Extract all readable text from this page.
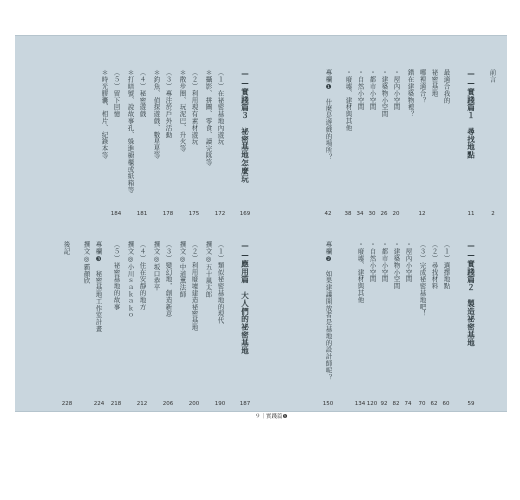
前言
2
——實踐篇１　尋找地點
11
最適合我的
祕密基地
哪裡適合？
12
錯在建築物裡？
・屋內小空間
20
・建築物小空間
26
・都市小空間
30
・自然小空間
34
・廢墟、建材與其他
38
專欄❶　什麼是遊戲的場所？
42
——實踐篇２　製造祕密基地
59
（１）選擇地點
60
（２）尋找材料
62
（３）完成祕密基地吧！
70
・屋內小空間
74
・建築物小空間
82
・都市小空間
92
・自然小空間
120
・廢墟、建材與其他
134
專欄❷　如果建議開放者是基地的設計師呢？
150
——實踐篇３　祕密基地怎麼玩
169
（１）在祕密基地內遊玩
172
＊攝影、拼圖、零食、讀完隊等
（２）利用現有素材遊玩
175
＊散步圈、玩泥巴、升火等
（３）專注於戶外活動
178
＊釣魚、偵探遊戲、數星星等
（４）秘密遊戲
181
＊打暗號、說故事孔、躲進櫥櫃或紙箱等
（５）留下回憶
184
＊時光膠囊、相片、紀錄本等
——應用篇　大人們的祕密基地
187
（１）類似祕密基地的現代
190
撰文◎五十嵐太郎
（２）利用廢墟建造祕密基地
200
撰文◎中道薰法師
（３）變幻地，創造新意
206
撰文◎坂口恭平
（４）住在安靜的地方
212
撰文◎小川ｓａｋａｋｏ
（５）祕密基地的故事
218
專欄❸　秘密基地工作室計畫
224
撰文◎霸顏欣
後記
228
９｜實踐篇❶
